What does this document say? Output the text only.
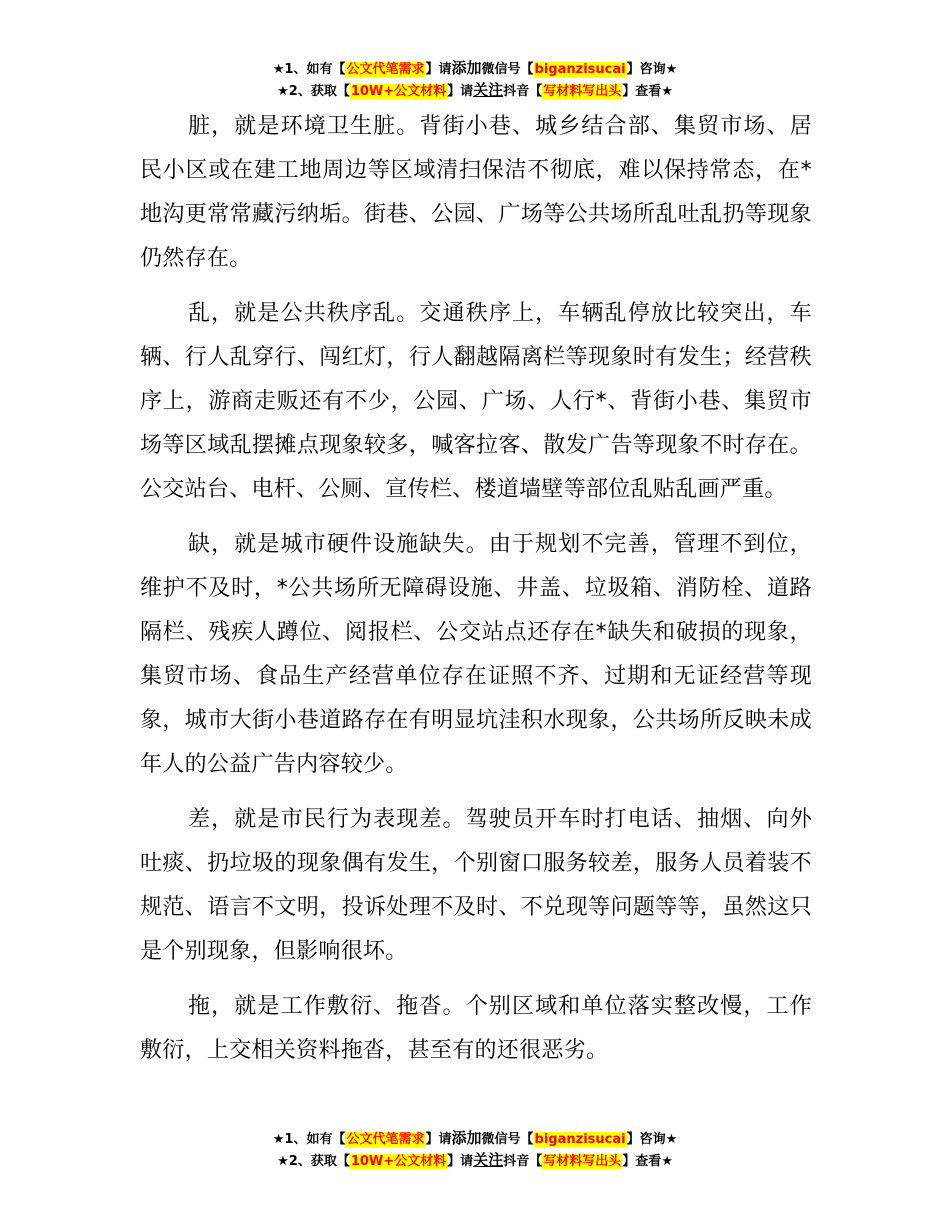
★1、如有【公文代笔需求】请添加微信号【biganzisucai】咨询★
★2、获取【10W+公文材料】请关注抖音【写材料写出头】查看★

脏，就是环境卫生脏。背街小巷、城乡结合部、集贸市场、居民小区或在建工地周边等区域清扫保洁不彻底，难以保持常态，在*地沟更常常藏污纳垢。街巷、公园、广场等公共场所乱吐乱扔等现象仍然存在。

乱，就是公共秩序乱。交通秩序上，车辆乱停放比较突出，车辆、行人乱穿行、闯红灯，行人翻越隔离栏等现象时有发生；经营秩序上，游商走贩还有不少，公园、广场、人行*、背街小巷、集贸市场等区域乱摆摊点现象较多，喊客拉客、散发广告等现象不时存在。公交站台、电杆、公厕、宣传栏、楼道墙壁等部位乱贴乱画严重。

缺，就是城市硬件设施缺失。由于规划不完善，管理不到位，维护不及时，*公共场所无障碍设施、井盖、垃圾箱、消防栓、道路隔栏、残疾人蹲位、阅报栏、公交站点还存在*缺失和破损的现象，集贸市场、食品生产经营单位存在证照不齐、过期和无证经营等现象，城市大街小巷道路存在有明显坑洼积水现象，公共场所反映未成年人的公益广告内容较少。

差，就是市民行为表现差。驾驶员开车时打电话、抽烟、向外吐痰、扔垃圾的现象偶有发生，个别窗口服务较差，服务人员着装不规范、语言不文明，投诉处理不及时、不兑现等问题等等，虽然这只是个别现象，但影响很坏。

拖，就是工作敷衍、拖沓。个别区域和单位落实整改慢，工作敷衍，上交相关资料拖沓，甚至有的还很恶劣。

★1、如有【公文代笔需求】请添加微信号【biganzisucai】咨询★
★2、获取【10W+公文材料】请关注抖音【写材料写出头】查看★
